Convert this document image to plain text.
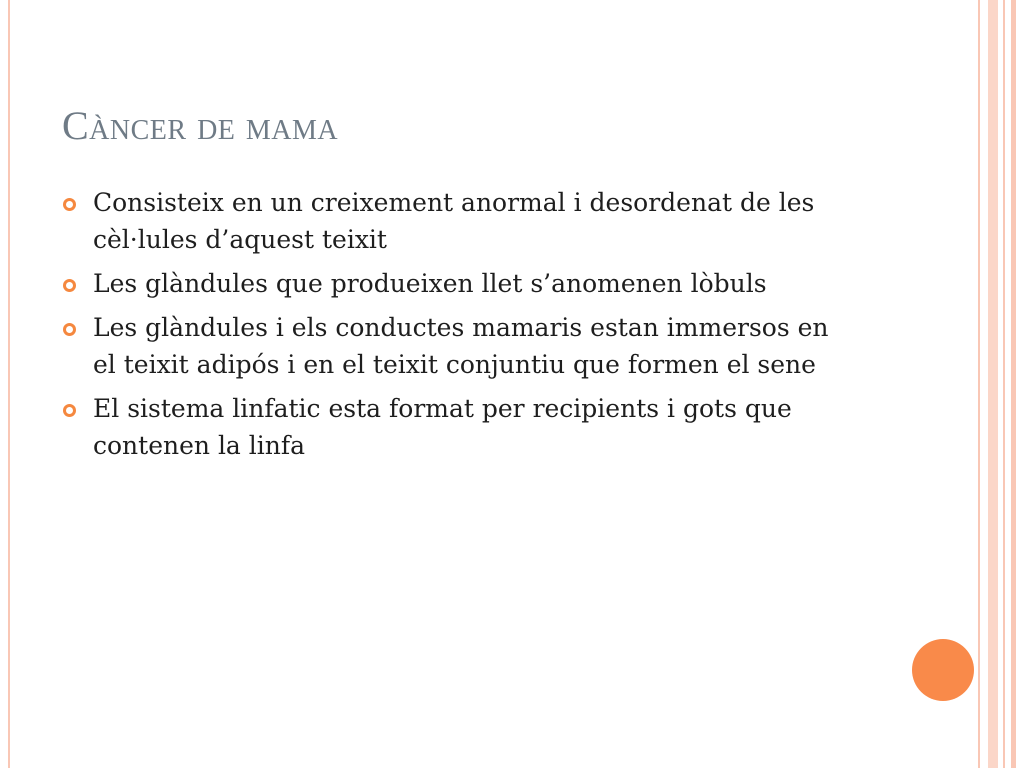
Càncer de mama
Consisteix en un creixement anormal i desordenat de les cèl·lules d’aquest teixit
Les glàndules que produeixen llet s’anomenen lòbuls
Les glàndules i els conductes mamaris estan immersos en el teixit adipós i en el teixit conjuntiu que formen el sene
El sistema linfatic esta format per recipients i gots que contenen la linfa
